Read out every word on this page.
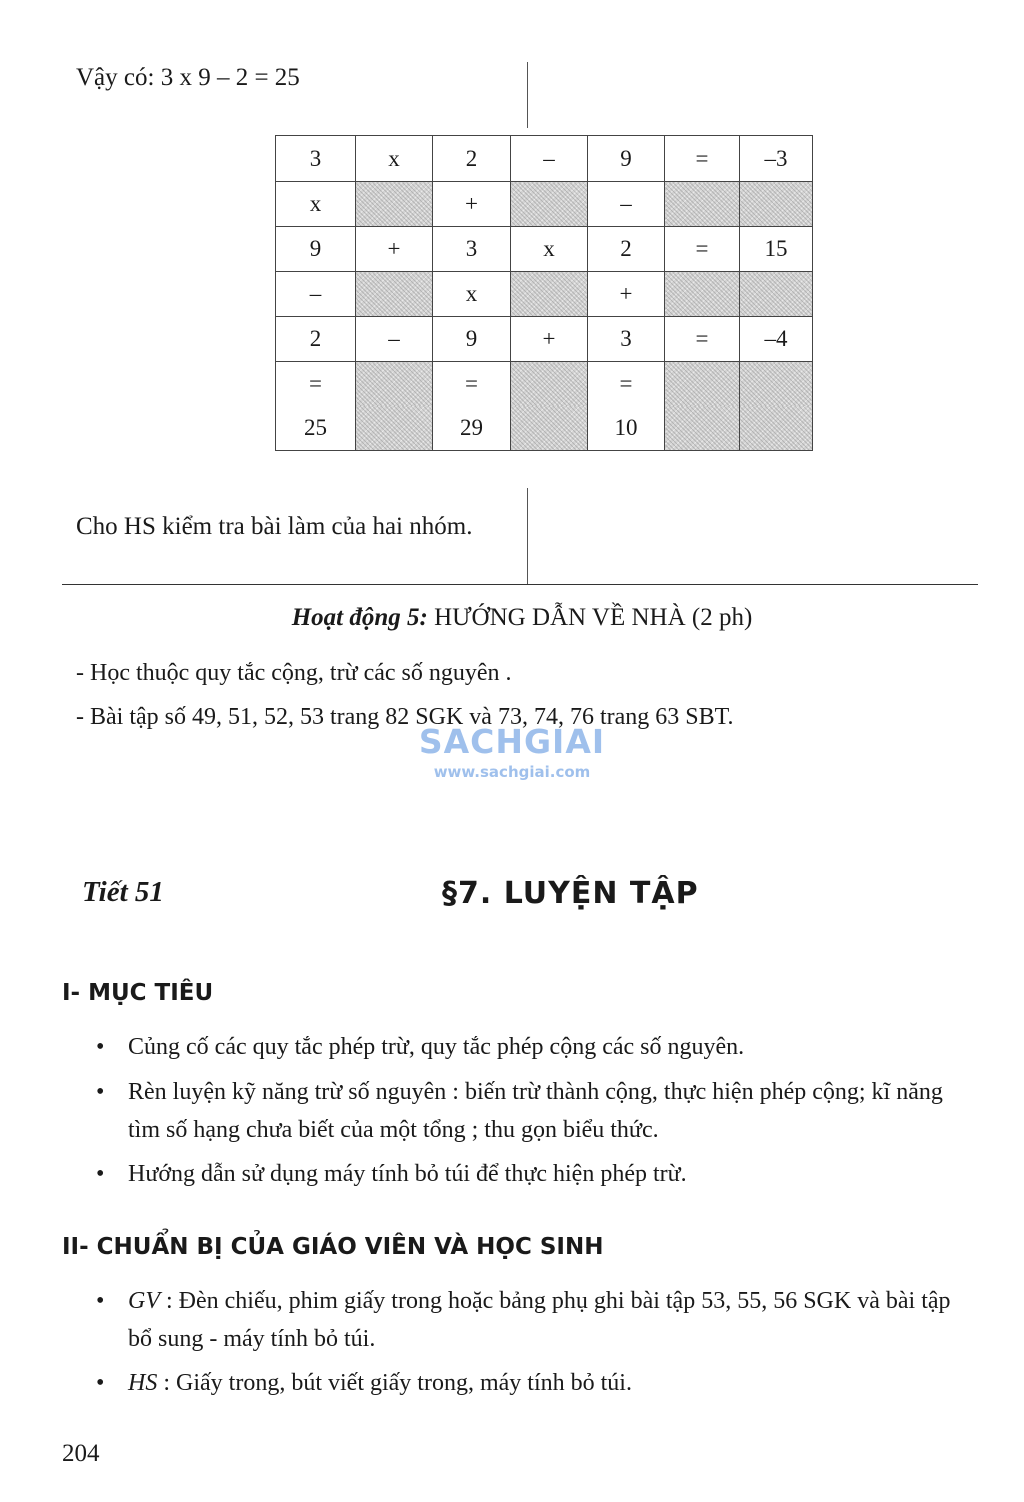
Vậy có: 3 x 9 – 2 = 25
3	x	2	–	9	=	–3
x		+		–		
9	+	3	x	2	=	15
–		x		+		
2	–	9	+	3	=	–4
=		=		=		
25		29		10		
Cho HS kiểm tra bài làm của hai nhóm.
Hoạt động 5: HƯỚNG DẪN VỀ NHÀ (2 ph)
- Học thuộc quy tắc cộng, trừ các số nguyên .
- Bài tập số 49, 51, 52, 53 trang 82 SGK và 73, 74, 76 trang 63 SBT.
SACHGIAI
www.sachgiai.com
Tiết 51	§7. LUYỆN TẬP
I- MỤC TIÊU
• Củng cố các quy tắc phép trừ, quy tắc phép cộng các số nguyên.
• Rèn luyện kỹ năng trừ số nguyên : biến trừ thành cộng, thực hiện phép cộng; kĩ năng tìm số hạng chưa biết của một tổng ; thu gọn biểu thức.
• Hướng dẫn sử dụng máy tính bỏ túi để thực hiện phép trừ.
II- CHUẨN BỊ CỦA GIÁO VIÊN VÀ HỌC SINH
• GV : Đèn chiếu, phim giấy trong hoặc bảng phụ ghi bài tập 53, 55, 56 SGK và bài tập bổ sung - máy tính bỏ túi.
• HS : Giấy trong, bút viết giấy trong, máy tính bỏ túi.
204
